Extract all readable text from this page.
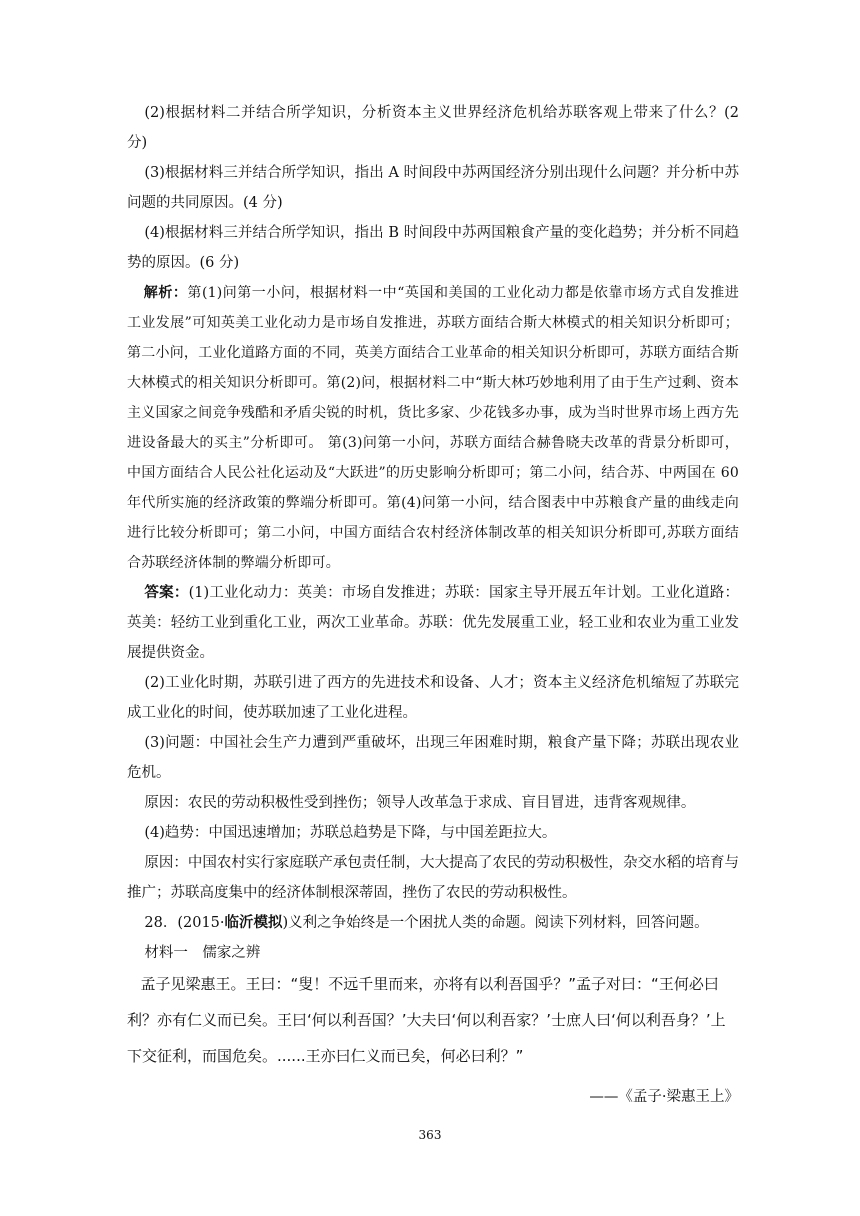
(2)根据材料二并结合所学知识，分析资本主义世界经济危机给苏联客观上带来了什么？(2 分)

(3)根据材料三并结合所学知识，指出 A 时间段中苏两国经济分别出现什么问题？并分析中苏问题的共同原因。(4 分)

(4)根据材料三并结合所学知识，指出 B 时间段中苏两国粮食产量的变化趋势；并分析不同趋势的原因。(6 分)

解析：第(1)问第一小问，根据材料一中“英国和美国的工业化动力都是依靠市场方式自发推进工业发展”可知英美工业化动力是市场自发推进，苏联方面结合斯大林模式的相关知识分析即可；第二小问，工业化道路方面的不同，英美方面结合工业革命的相关知识分析即可，苏联方面结合斯大林模式的相关知识分析即可。第(2)问，根据材料二中“斯大林巧妙地利用了由于生产过剩、资本主义国家之间竞争残酷和矛盾尖锐的时机，货比多家、少花钱多办事，成为当时世界市场上西方先进设备最大的买主”分析即可。 第(3)问第一小问，苏联方面结合赫鲁晓夫改革的背景分析即可，中国方面结合人民公社化运动及“大跃进”的历史影响分析即可；第二小问，结合苏、中两国在 60 年代所实施的经济政策的弊端分析即可。第(4)问第一小问，结合图表中中苏粮食产量的曲线走向进行比较分析即可；第二小问，中国方面结合农村经济体制改革的相关知识分析即可,苏联方面结合苏联经济体制的弊端分析即可。

答案：(1)工业化动力：英美：市场自发推进；苏联：国家主导开展五年计划。工业化道路：英美：轻纺工业到重化工业，两次工业革命。苏联：优先发展重工业，轻工业和农业为重工业发展提供资金。

(2)工业化时期，苏联引进了西方的先进技术和设备、人才；资本主义经济危机缩短了苏联完成工业化的时间，使苏联加速了工业化进程。

(3)问题：中国社会生产力遭到严重破坏，出现三年困难时期，粮食产量下降；苏联出现农业危机。

原因：农民的劳动积极性受到挫伤；领导人改革急于求成、盲目冒进，违背客观规律。

(4)趋势：中国迅速增加；苏联总趋势是下降，与中国差距拉大。

原因：中国农村实行家庭联产承包责任制，大大提高了农民的劳动积极性，杂交水稻的培育与推广；苏联高度集中的经济体制根深蒂固，挫伤了农民的劳动积极性。

28．(2015·临沂模拟)义利之争始终是一个困扰人类的命题。阅读下列材料，回答问题。

材料一　儒家之辨

孟子见梁惠王。王曰：“叟！不远千里而来，亦将有以利吾国乎？”孟子对曰：“王何必曰利？亦有仁义而已矣。王曰‘何以利吾国？’大夫曰‘何以利吾家？’士庶人曰‘何以利吾身？’上下交征利，而国危矣。......王亦曰仁义而已矣，何必曰利？”

——《孟子·梁惠王上》
363
